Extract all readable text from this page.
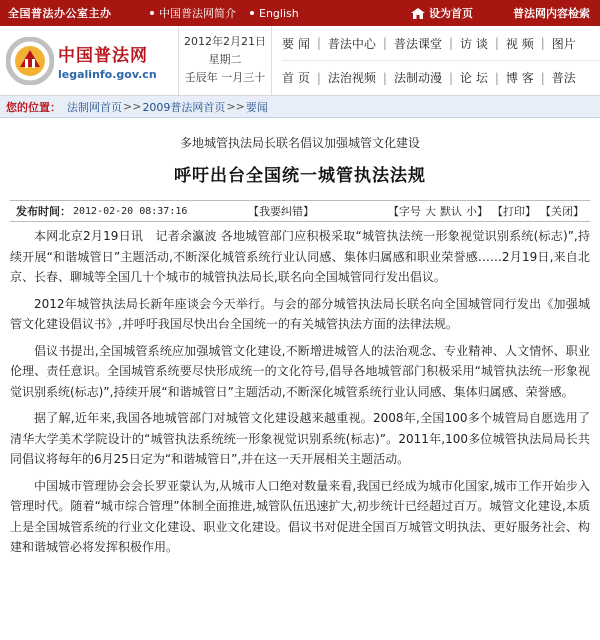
全国普法办公室主办	中国普法网简介 English	设为首页	普法网内容检索
中国普法网
legalinfo.gov.cn
2012年2月21日
星期二
壬辰年 一月三十
要 闻 | 普法中心 | 普法课堂 | 访 谈 | 视 频 | 图片
首 页 | 法治视频 | 法制动漫 | 论 坛 | 博 客 | 普法
您的位置： 法制网首页 >> 2009普法网首页 >> 要闻
多地城管执法局长联名倡议加强城管文化建设
呼吁出台全国统一城管执法法规
发布时间： 2012-02-20 08:37:16	【我要纠错】	【字号 大 默认 小 】 【打印】 【关闭】

本网北京2月19日讯　记者余瀛波 各地城管部门应积极采取“城管执法统一形象视觉识别系统(标志)”,持续开展“和谐城管日”主题活动,不断深化城管系统行业认同感、集体归属感和职业荣誉感……2月19日,来自北京、长春、聊城等全国几十个城市的城管执法局长,联名向全国城管同行发出倡议。

2012年城管执法局长新年座谈会今天举行。与会的部分城管执法局长联名向全国城管同行发出《加强城管文化建设倡议书》,并呼吁我国尽快出台全国统一的有关城管执法方面的法律法规。

倡议书提出,全国城管系统应加强城管文化建设,不断增进城管人的法治观念、专业精神、人文情怀、职业伦理、责任意识。全国城管系统要尽快形成统一的文化符号,倡导各地城管部门积极采用“城管执法统一形象视觉识别系统(标志)”,持续开展“和谐城管日”主题活动,不断深化城管系统行业认同感、集体归属感、荣誉感。

据了解,近年来,我国各地城管部门对城管文化建设越来越重视。2008年,全国100多个城管局自愿选用了清华大学美术学院设计的“城管执法系统统一形象视觉识别系统(标志)”。2011年,100多位城管执法局局长共同倡议将每年的6月25日定为“和谐城管日”,并在这一天开展相关主题活动。

中国城市管理协会会长罗亚蒙认为,从城市人口绝对数量来看,我国已经成为城市化国家,城市工作开始步入管理时代。随着“城市综合管理”体制全面推进,城管队伍迅速扩大,初步统计已经超过百万。城管文化建设,本质上是全国城管系统的行业文化建设、职业文化建设。倡议书对促进全国百万城管文明执法、更好服务社会、构建和谐城管必将发挥积极作用。
